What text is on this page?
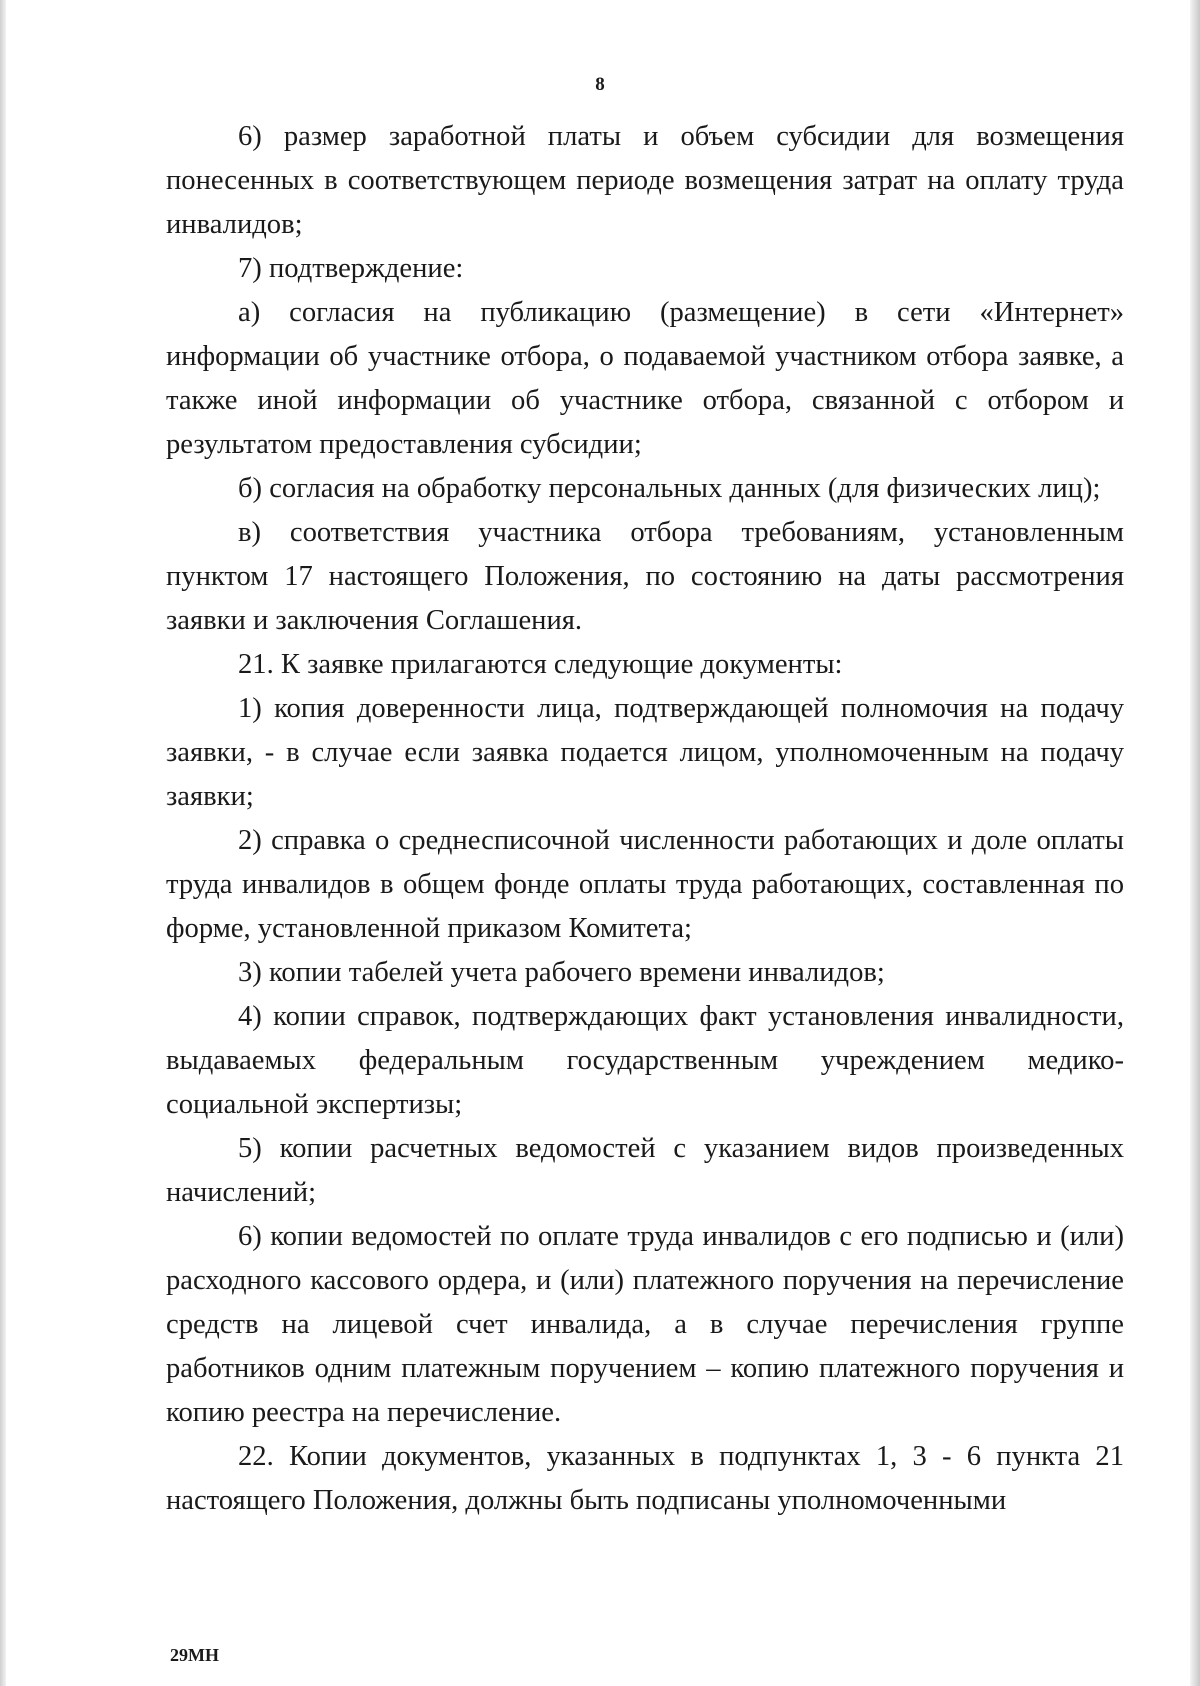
8

6) размер заработной платы и объем субсидии для возмещения понесенных в соответствующем периоде возмещения затрат на оплату труда инвалидов;

7) подтверждение:

а) согласия на публикацию (размещение) в сети «Интернет» информации об участнике отбора, о подаваемой участником отбора заявке, а также иной информации об участнике отбора, связанной с отбором и результатом предоставления субсидии;

б) согласия на обработку персональных данных (для физических лиц);

в) соответствия участника отбора требованиям, установленным пунктом 17 настоящего Положения, по состоянию на даты рассмотрения заявки и заключения Соглашения.

21. К заявке прилагаются следующие документы:

1) копия доверенности лица, подтверждающей полномочия на подачу заявки, - в случае если заявка подается лицом, уполномоченным на подачу заявки;

2) справка о среднесписочной численности работающих и доле оплаты труда инвалидов в общем фонде оплаты труда работающих, составленная по форме, установленной приказом Комитета;

3) копии табелей учета рабочего времени инвалидов;

4) копии справок, подтверждающих факт установления инвалидности, выдаваемых федеральным государственным учреждением медико-социальной экспертизы;

5) копии расчетных ведомостей с указанием видов произведенных начислений;

6) копии ведомостей по оплате труда инвалидов с его подписью и (или) расходного кассового ордера, и (или) платежного поручения на перечисление средств на лицевой счет инвалида, а в случае перечисления группе работников одним платежным поручением – копию платежного поручения и копию реестра на перечисление.

22. Копии документов, указанных в подпунктах 1, 3 - 6 пункта 21 настоящего Положения, должны быть подписаны уполномоченными

29МН
